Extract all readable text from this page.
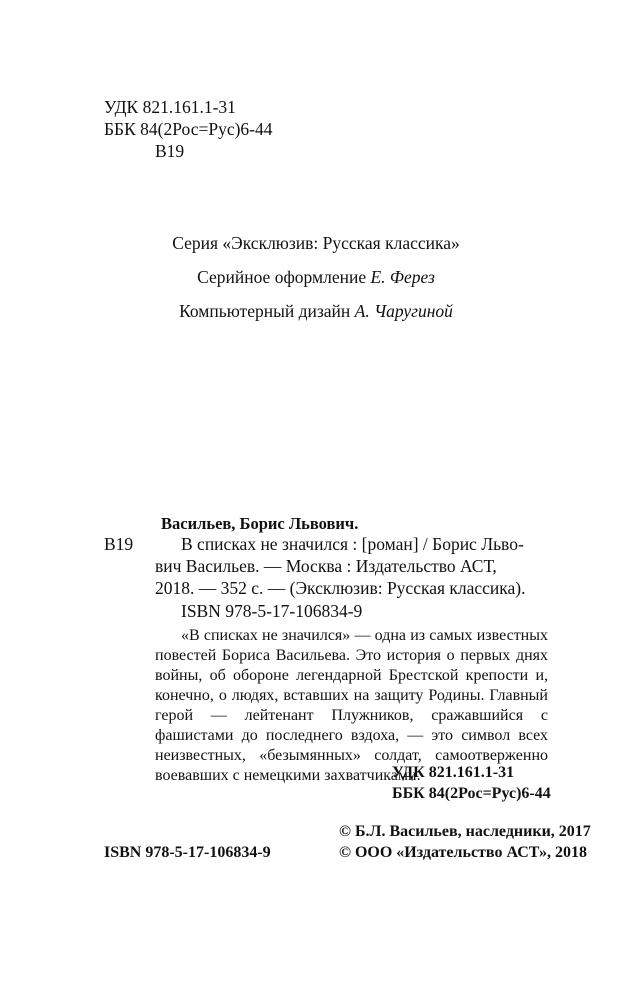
УДК 821.161.1-31
ББК 84(2Рос=Рус)6-44
В19
Серия «Эксклюзив: Русская классика»
Серийное оформление Е. Ферез
Компьютерный дизайн А. Чаругиной
Васильев, Борис Львович.
В19	В списках не значился : [роман] / Борис Льво-
вич Васильев. — Москва : Издательство АСТ,
2018. — 352 с. — (Эксклюзив: Русская классика).
ISBN 978-5-17-106834-9
«В списках не значился» — одна из самых известных повестей Бориса Васильева. Это история о первых днях войны, об обороне легендарной Брестской крепости и, конечно, о людях, вставших на защиту Родины. Главный герой — лейтенант Плужников, сражавшийся с фашистами до последнего вздоха, — это символ всех неизвестных, «безымянных» солдат, самоотверженно воевавших с немецкими захватчиками.
УДК 821.161.1-31
ББК 84(2Рос=Рус)6-44
© Б.Л. Васильев, наследники, 2017
ISBN 978-5-17-106834-9	© ООО «Издательство АСТ», 2018
